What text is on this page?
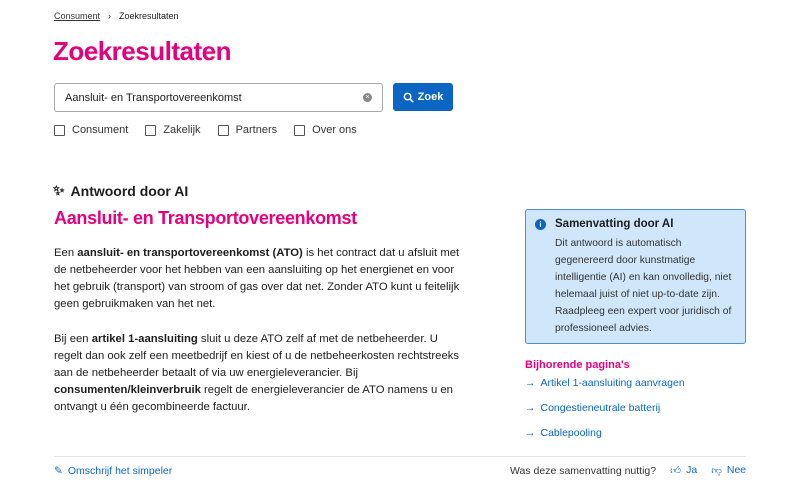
Consument › Zoekresultaten
Zoekresultaten
Aansluit- en Transportovereenkomst	×	Zoek
Consument	Zakelijk	Partners	Over ons
✨︎ Antwoord door AI
Aansluit- en Transportovereenkomst

Een aansluit- en transportovereenkomst (ATO) is het contract dat u afsluit met de netbeheerder voor het hebben van een aansluiting op het energienet en voor het gebruik (transport) van stroom of gas over dat net. Zonder ATO kunt u feitelijk geen gebruikmaken van het net.

Bij een artikel 1-aansluiting sluit u deze ATO zelf af met de netbeheerder. U regelt dan ook zelf een meetbedrijf en kiest of u de netbeheerkosten rechtstreeks aan de netbeheerder betaalt of via uw energieleverancier. Bij consumenten/kleinverbruik regelt de energieleverancier de ATO namens u en ontvangt u één gecombineerde factuur.

i	Samenvatting door AI
Dit antwoord is automatisch gegenereerd door kunstmatige intelligentie (AI) en kan onvolledig, niet helemaal juist of niet up-to-date zijn. Raadpleeg een expert voor juridisch of professioneel advies.
Bijhorende pagina's
→ Artikel 1-aansluiting aanvragen
→ Congestieneutrale batterij
→ Cablepooling
✎ Omschrijf het simpeler	Was deze samenvatting nuttig? 👍︎ Ja 👎︎ Nee
